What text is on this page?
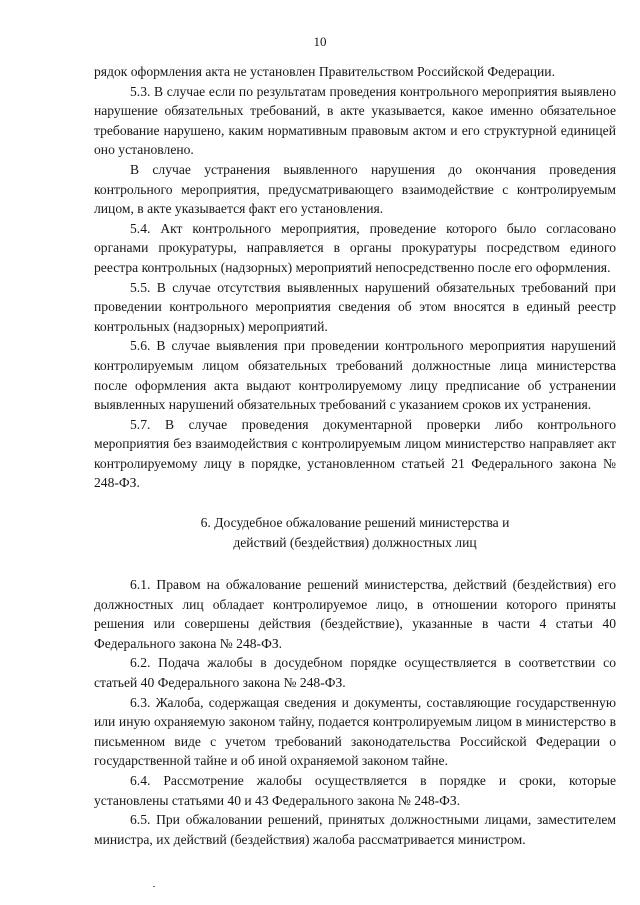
10

рядок оформления акта не установлен Правительством Российской Федерации.

5.3. В случае если по результатам проведения контрольного мероприятия выявлено нарушение обязательных требований, в акте указывается, какое именно обязательное требование нарушено, каким нормативным правовым актом и его структурной единицей оно установлено.

В случае устранения выявленного нарушения до окончания проведения контрольного мероприятия, предусматривающего взаимодействие с контролируемым лицом, в акте указывается факт его установления.

5.4. Акт контрольного мероприятия, проведение которого было согласовано органами прокуратуры, направляется в органы прокуратуры посредством единого реестра контрольных (надзорных) мероприятий непосредственно после его оформления.

5.5. В случае отсутствия выявленных нарушений обязательных требований при проведении контрольного мероприятия сведения об этом вносятся в единый реестр контрольных (надзорных) мероприятий.

5.6. В случае выявления при проведении контрольного мероприятия нарушений контролируемым лицом обязательных требований должностные лица министерства после оформления акта выдают контролируемому лицу предписание об устранении выявленных нарушений обязательных требований с указанием сроков их устранения.

5.7. В случае проведения документарной проверки либо контрольного мероприятия без взаимодействия с контролируемым лицом министерство направляет акт контролируемому лицу в порядке, установленном статьей 21 Федерального закона № 248-ФЗ.

6. Досудебное обжалование решений министерства и
действий (бездействия) должностных лиц

6.1. Правом на обжалование решений министерства, действий (бездействия) его должностных лиц обладает контролируемое лицо, в отношении которого приняты решения или совершены действия (бездействие), указанные в части 4 статьи 40 Федерального закона № 248-ФЗ.

6.2. Подача жалобы в досудебном порядке осуществляется в соответствии со статьей 40 Федерального закона № 248-ФЗ.

6.3. Жалоба, содержащая сведения и документы, составляющие государственную или иную охраняемую законом тайну, подается контролируемым лицом в министерство в письменном виде с учетом требований законодательства Российской Федерации о государственной тайне и об иной охраняемой законом тайне.

6.4. Рассмотрение жалобы осуществляется в порядке и сроки, которые установлены статьями 40 и 43 Федерального закона № 248-ФЗ.

6.5. При обжаловании решений, принятых должностными лицами, заместителем министра, их действий (бездействия) жалоба рассматривается министром.
